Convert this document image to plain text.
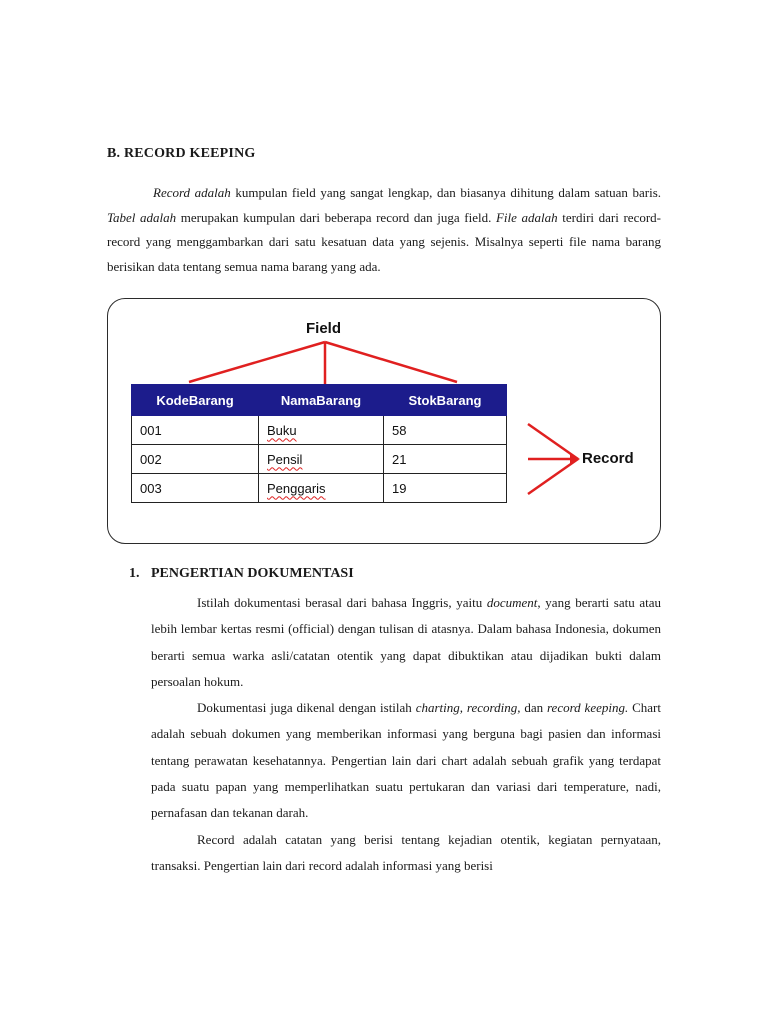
B. RECORD KEEPING

Record adalah kumpulan field yang sangat lengkap, dan biasanya dihitung dalam satuan baris. Tabel adalah merupakan kumpulan dari beberapa record dan juga field. File adalah terdiri dari record-record yang menggambarkan dari satu kesatuan data yang sejenis. Misalnya seperti file nama barang berisikan data tentang semua nama barang yang ada.

Field
Record
KodeBarang	NamaBarang	StokBarang
001	Buku	58
002	Pensil	21
003	Penggaris	19
1. PENGERTIAN DOKUMENTASI

Istilah dokumentasi berasal dari bahasa Inggris, yaitu document, yang berarti satu atau lebih lembar kertas resmi (official) dengan tulisan di atasnya. Dalam bahasa Indonesia, dokumen berarti semua warka asli/catatan otentik yang dapat dibuktikan atau dijadikan bukti dalam persoalan hokum.

Dokumentasi juga dikenal dengan istilah charting, recording, dan record keeping. Chart adalah sebuah dokumen yang memberikan informasi yang berguna bagi pasien dan informasi tentang perawatan kesehatannya. Pengertian lain dari chart adalah sebuah grafik yang terdapat pada suatu papan yang memperlihatkan suatu pertukaran dan variasi dari temperature, nadi, pernafasan dan tekanan darah.

Record adalah catatan yang berisi tentang kejadian otentik, kegiatan pernyataan, transaksi. Pengertian lain dari record adalah informasi yang berisi
